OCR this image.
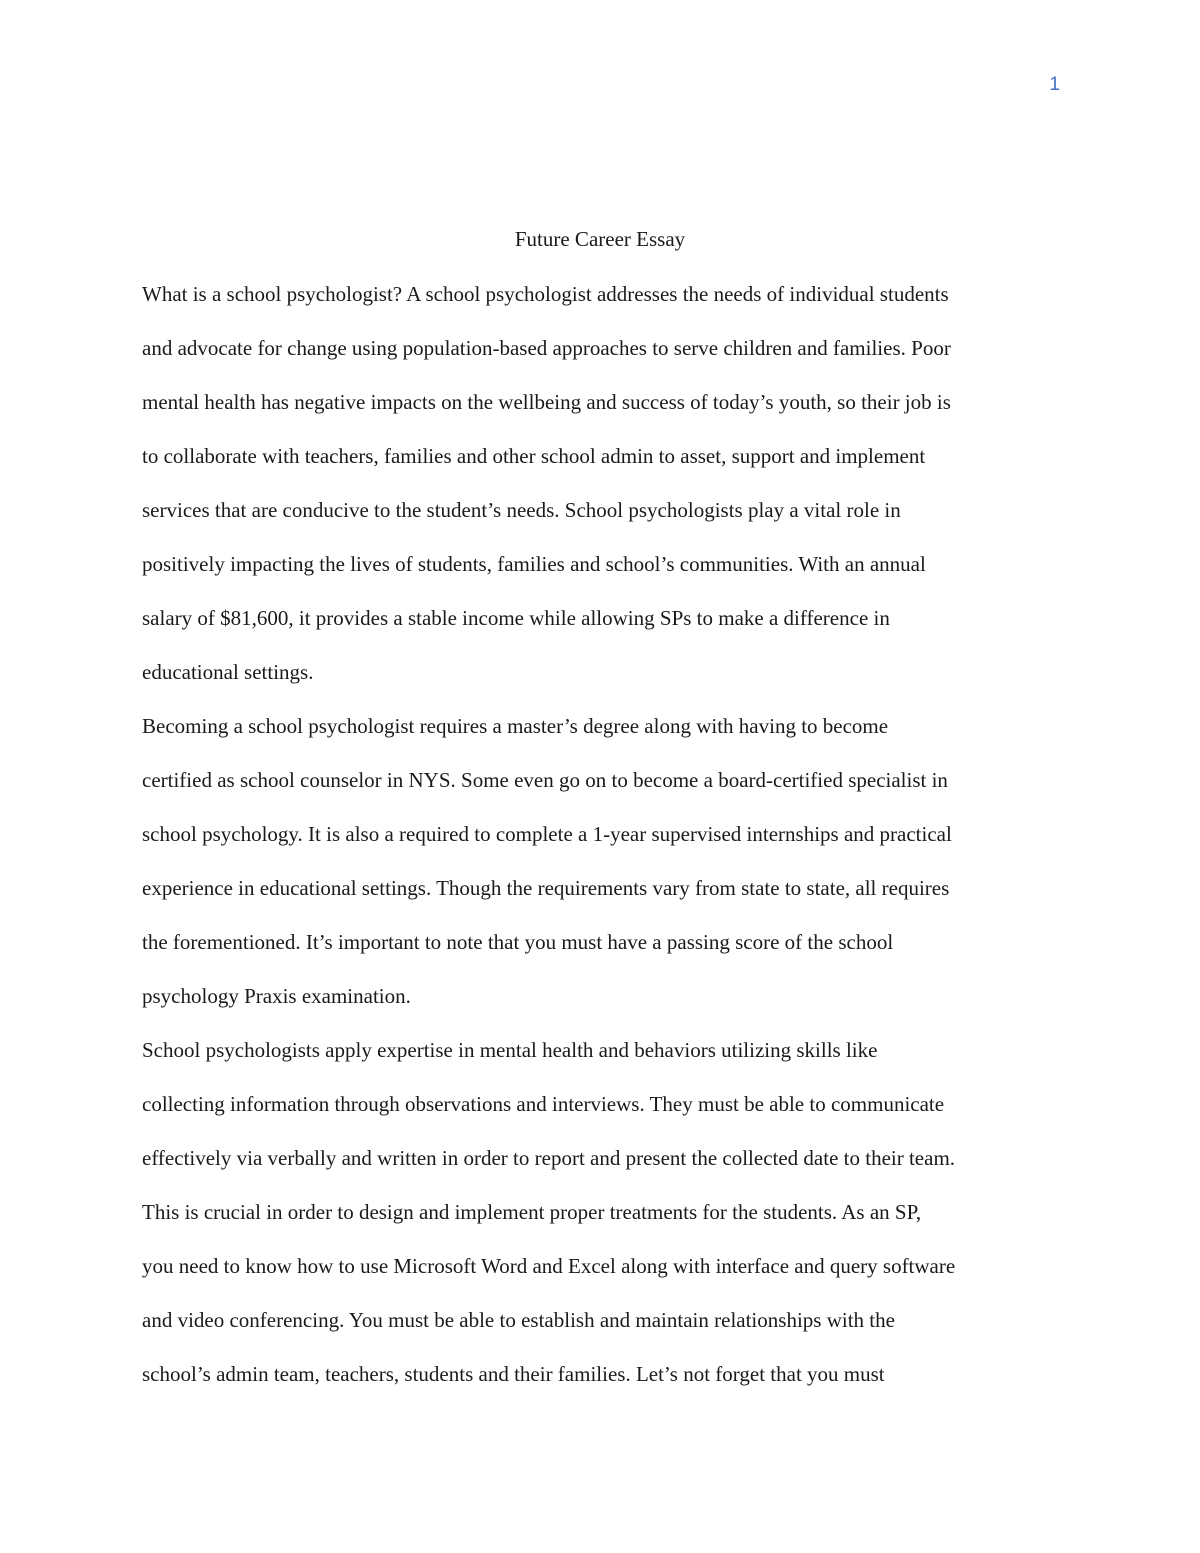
1
Future Career Essay
What is a school psychologist? A school psychologist addresses the needs of individual students
and advocate for change using population-based approaches to serve children and families. Poor
mental health has negative impacts on the wellbeing and success of today’s youth, so their job is
to collaborate with teachers, families and other school admin to asset, support and implement
services that are conducive to the student’s needs. School psychologists play a vital role in
positively impacting the lives of students, families and school’s communities. With an annual
salary of $81,600, it provides a stable income while allowing SPs to make a difference in
educational settings.
Becoming a school psychologist requires a master’s degree along with having to become
certified as school counselor in NYS. Some even go on to become a board-certified specialist in
school psychology. It is also a required to complete a 1-year supervised internships and practical
experience in educational settings. Though the requirements vary from state to state, all requires
the forementioned. It’s important to note that you must have a passing score of the school
psychology Praxis examination.
School psychologists apply expertise in mental health and behaviors utilizing skills like
collecting information through observations and interviews. They must be able to communicate
effectively via verbally and written in order to report and present the collected date to their team.
This is crucial in order to design and implement proper treatments for the students. As an SP,
you need to know how to use Microsoft Word and Excel along with interface and query software
and video conferencing. You must be able to establish and maintain relationships with the
school’s admin team, teachers, students and their families. Let’s not forget that you must
